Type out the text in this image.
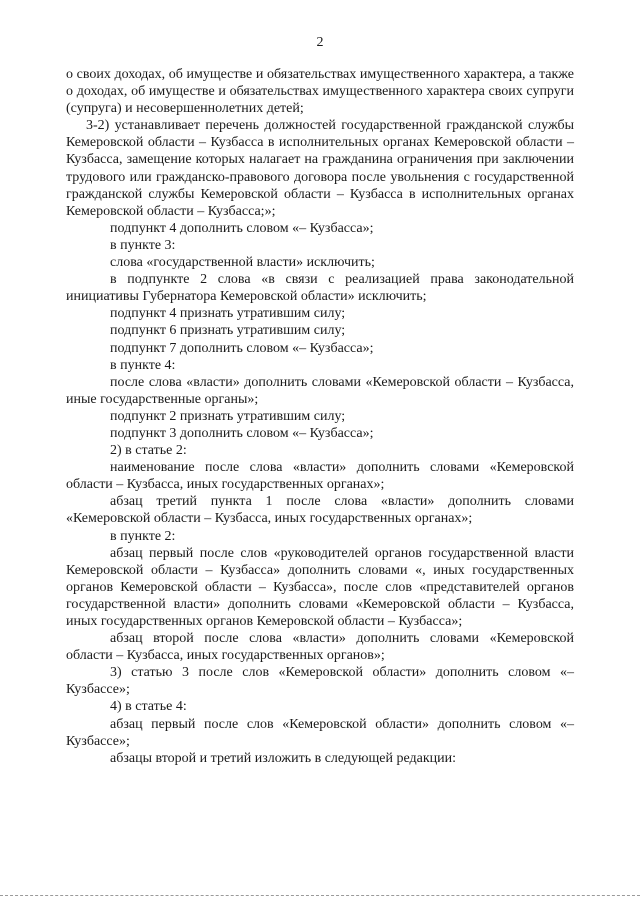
2

о своих доходах, об имуществе и обязательствах имущественного характера, а также о доходах, об имуществе и обязательствах имущественного характера своих супруги (супруга) и несовершеннолетних детей;

3-2) устанавливает перечень должностей государственной гражданской службы Кемеровской области – Кузбасса в исполнительных органах Кемеровской области – Кузбасса, замещение которых налагает на гражданина ограничения при заключении трудового или гражданско-правового договора после увольнения с государственной гражданской службы Кемеровской области – Кузбасса в исполнительных органах Кемеровской области – Кузбасса;»;

подпункт 4 дополнить словом «– Кузбасса»;

в пункте 3:

слова «государственной власти» исключить;

в подпункте 2 слова «в связи с реализацией права законодательной инициативы Губернатора Кемеровской области» исключить;

подпункт 4 признать утратившим силу;

подпункт 6 признать утратившим силу;

подпункт 7 дополнить словом «– Кузбасса»;

в пункте 4:

после слова «власти» дополнить словами «Кемеровской области – Кузбасса, иные государственные органы»;

подпункт 2 признать утратившим силу;

подпункт 3 дополнить словом «– Кузбасса»;

2) в статье 2:

наименование после слова «власти» дополнить словами «Кемеровской области – Кузбасса, иных государственных органах»;

абзац третий пункта 1 после слова «власти» дополнить словами «Кемеровской области – Кузбасса, иных государственных органах»;

в пункте 2:

абзац первый после слов «руководителей органов государственной власти Кемеровской области – Кузбасса» дополнить словами «, иных государственных органов Кемеровской области – Кузбасса», после слов «представителей органов государственной власти» дополнить словами «Кемеровской области – Кузбасса, иных государственных органов Кемеровской области – Кузбасса»;

абзац второй после слова «власти» дополнить словами «Кемеровской области – Кузбасса, иных государственных органов»;

3) статью 3 после слов «Кемеровской области» дополнить словом «– Кузбассе»;

4) в статье 4:

абзац первый после слов «Кемеровской области» дополнить словом «– Кузбассе»;

абзацы второй и третий изложить в следующей редакции:
